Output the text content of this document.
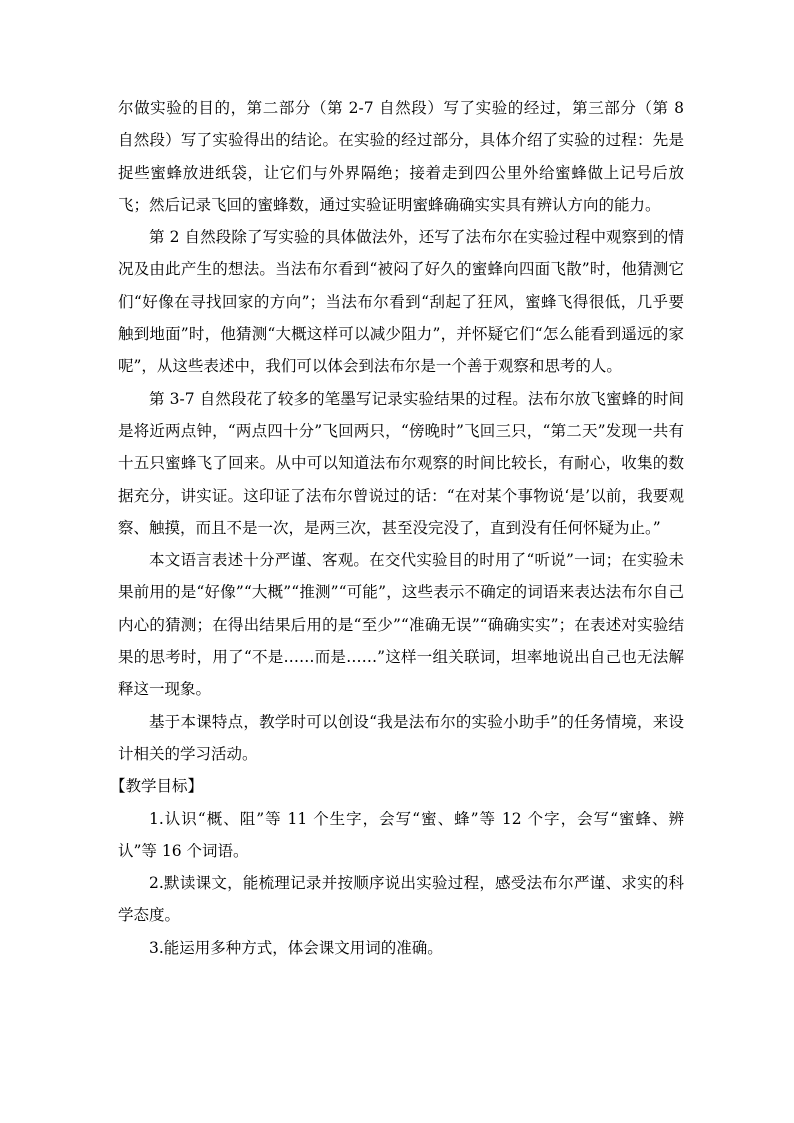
尔做实验的目的，第二部分（第 2-7 自然段）写了实验的经过，第三部分（第 8 自然段）写了实验得出的结论。在实验的经过部分，具体介绍了实验的过程：先是捉些蜜蜂放进纸袋，让它们与外界隔绝；接着走到四公里外给蜜蜂做上记号后放飞；然后记录飞回的蜜蜂数，通过实验证明蜜蜂确确实实具有辨认方向的能力。

第 2 自然段除了写实验的具体做法外，还写了法布尔在实验过程中观察到的情况及由此产生的想法。当法布尔看到“被闷了好久的蜜蜂向四面飞散”时，他猜测它们“好像在寻找回家的方向”；当法布尔看到“刮起了狂风，蜜蜂飞得很低，几乎要触到地面”时，他猜测“大概这样可以减少阻力”，并怀疑它们“怎么能看到遥远的家呢”，从这些表述中，我们可以体会到法布尔是一个善于观察和思考的人。

第 3-7 自然段花了较多的笔墨写记录实验结果的过程。法布尔放飞蜜蜂的时间是将近两点钟，“两点四十分”飞回两只，“傍晚时”飞回三只，“第二天”发现一共有十五只蜜蜂飞了回来。从中可以知道法布尔观察的时间比较长，有耐心，收集的数据充分，讲实证。这印证了法布尔曾说过的话：“在对某个事物说‘是’以前，我要观察、触摸，而且不是一次，是两三次，甚至没完没了，直到没有任何怀疑为止。”

本文语言表述十分严谨、客观。在交代实验目的时用了“听说”一词；在实验未果前用的是“好像”“大概”“推测”“可能”，这些表示不确定的词语来表达法布尔自己内心的猜测；在得出结果后用的是“至少”“准确无误”“确确实实”；在表述对实验结果的思考时，用了“不是……而是……”这样一组关联词，坦率地说出自己也无法解释这一现象。

基于本课特点，教学时可以创设“我是法布尔的实验小助手”的任务情境，来设计相关的学习活动。

【教学目标】

1.认识“概、阻”等 11 个生字，会写“蜜、蜂”等 12 个字，会写“蜜蜂、辨认”等 16 个词语。

2.默读课文，能梳理记录并按顺序说出实验过程，感受法布尔严谨、求实的科学态度。

3.能运用多种方式，体会课文用词的准确。
